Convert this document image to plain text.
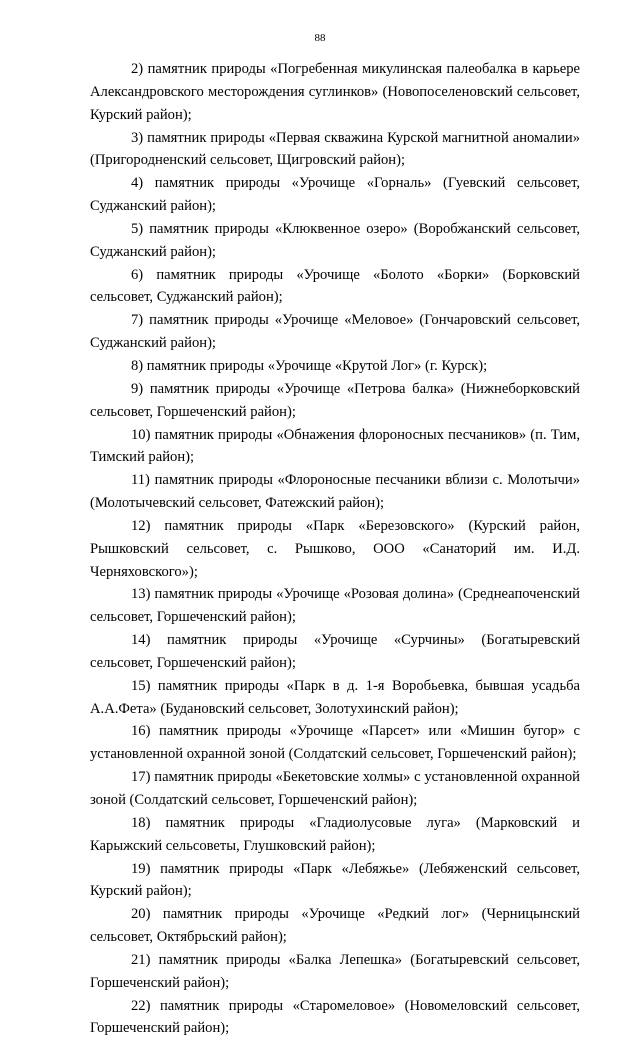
88

2) памятник природы «Погребенная микулинская палеобалка в карьере Александровского месторождения суглинков» (Новопоселеновский сельсовет, Курский район);

3) памятник природы «Первая скважина Курской магнитной аномалии» (Пригородненский сельсовет, Щигровский район);

4) памятник природы «Урочище «Горналь» (Гуевский сельсовет, Суджанский район);

5) памятник природы «Клюквенное озеро» (Воробжанский сельсовет, Суджанский район);

6) памятник природы «Урочище «Болото «Борки» (Борковский сельсовет, Суджанский район);

7) памятник природы «Урочище «Меловое» (Гончаровский сельсовет, Суджанский район);

8) памятник природы «Урочище «Крутой Лог» (г. Курск);

9) памятник природы «Урочище «Петрова балка» (Нижнеборковский сельсовет, Горшеченский район);

10) памятник природы «Обнажения флороносных песчаников» (п. Тим, Тимский район);

11) памятник природы «Флороносные песчаники вблизи с. Молотычи» (Молотычевский сельсовет, Фатежский район);

12) памятник природы «Парк «Березовского» (Курский район, Рышковский сельсовет, с. Рышково, ООО «Санаторий им. И.Д. Черняховского»);

13) памятник природы «Урочище «Розовая долина» (Среднеапоченский сельсовет, Горшеченский район);

14) памятник природы «Урочище «Сурчины» (Богатыревский сельсовет, Горшеченский район);

15) памятник природы «Парк в д. 1-я Воробьевка, бывшая усадьба А.А.Фета» (Будановский сельсовет, Золотухинский район);

16) памятник природы «Урочище «Парсет» или «Мишин бугор» с установленной охранной зоной (Солдатский сельсовет, Горшеченский район);

17) памятник природы «Бекетовские холмы» с установленной охранной зоной (Солдатский сельсовет, Горшеченский район);

18) памятник природы «Гладиолусовые луга» (Марковский и Карыжский сельсоветы, Глушковский район);

19) памятник природы «Парк «Лебяжье» (Лебяженский сельсовет, Курский район);

20) памятник природы «Урочище «Редкий лог» (Черницынский сельсовет, Октябрьский район);

21) памятник природы «Балка Лепешка» (Богатыревский сельсовет, Горшеченский район);

22) памятник природы «Старомеловое» (Новомеловский сельсовет, Горшеченский район);
